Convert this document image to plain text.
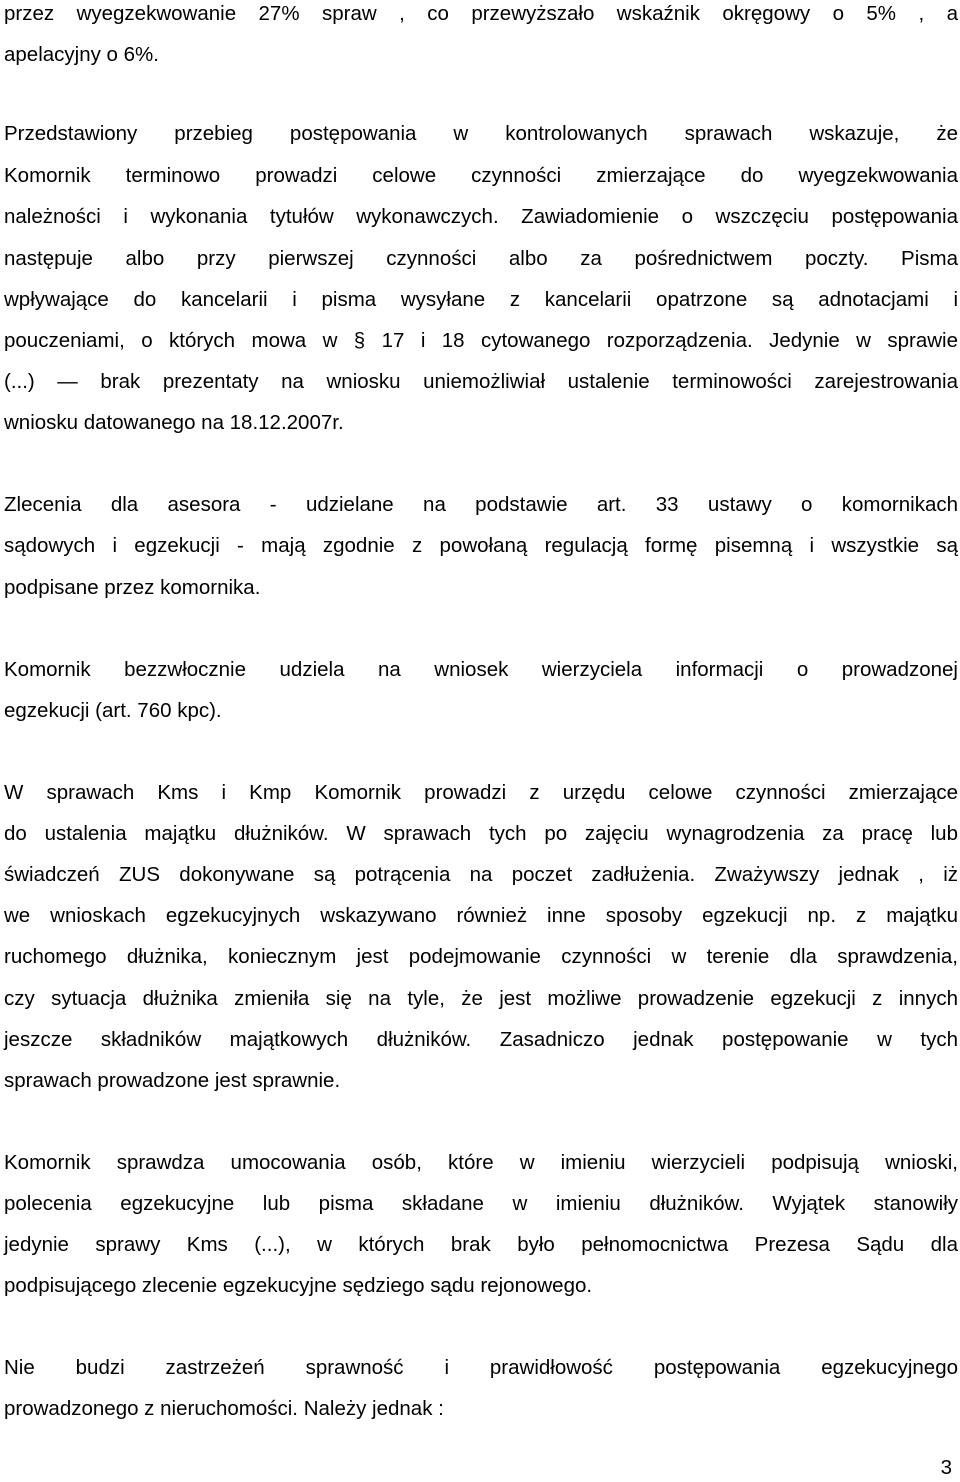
przez wyegzekwowanie 27% spraw , co przewyższało wskaźnik okręgowy o 5% , a
apelacyjny o 6%.
Przedstawiony przebieg postępowania w kontrolowanych sprawach wskazuje, że
Komornik terminowo prowadzi celowe czynności zmierzające do wyegzekwowania
należności i wykonania tytułów wykonawczych. Zawiadomienie o wszczęciu postępowania
następuje albo przy pierwszej czynności albo za pośrednictwem poczty. Pisma
wpływające do kancelarii i pisma wysyłane z kancelarii opatrzone są adnotacjami i
pouczeniami, o których mowa w § 17 i 18 cytowanego rozporządzenia. Jedynie w sprawie
(...) — brak prezentaty na wniosku uniemożliwiał ustalenie terminowości zarejestrowania
wniosku datowanego na 18.12.2007r.
Zlecenia dla asesora - udzielane na podstawie art. 33 ustawy o komornikach
sądowych i egzekucji - mają zgodnie z powołaną regulacją formę pisemną i wszystkie są
podpisane przez komornika.
Komornik bezzwłocznie udziela na wniosek wierzyciela informacji o prowadzonej
egzekucji (art. 760 kpc).
W sprawach Kms i Kmp Komornik prowadzi z urzędu celowe czynności zmierzające
do ustalenia majątku dłużników. W sprawach tych po zajęciu wynagrodzenia za pracę lub
świadczeń ZUS dokonywane są potrącenia na poczet zadłużenia. Zważywszy jednak , iż
we wnioskach egzekucyjnych wskazywano również inne sposoby egzekucji np. z majątku
ruchomego dłużnika, koniecznym jest podejmowanie czynności w terenie dla sprawdzenia,
czy sytuacja dłużnika zmieniła się na tyle, że jest możliwe prowadzenie egzekucji z innych
jeszcze składników majątkowych dłużników. Zasadniczo jednak postępowanie w tych
sprawach prowadzone jest sprawnie.
Komornik sprawdza umocowania osób, które w imieniu wierzycieli podpisują wnioski,
polecenia egzekucyjne lub pisma składane w imieniu dłużników. Wyjątek stanowiły
jedynie sprawy Kms (...), w których brak było pełnomocnictwa Prezesa Sądu dla
podpisującego zlecenie egzekucyjne sędziego sądu rejonowego.
Nie budzi zastrzeżeń sprawność i prawidłowość postępowania egzekucyjnego
prowadzonego z nieruchomości. Należy jednak :
3
